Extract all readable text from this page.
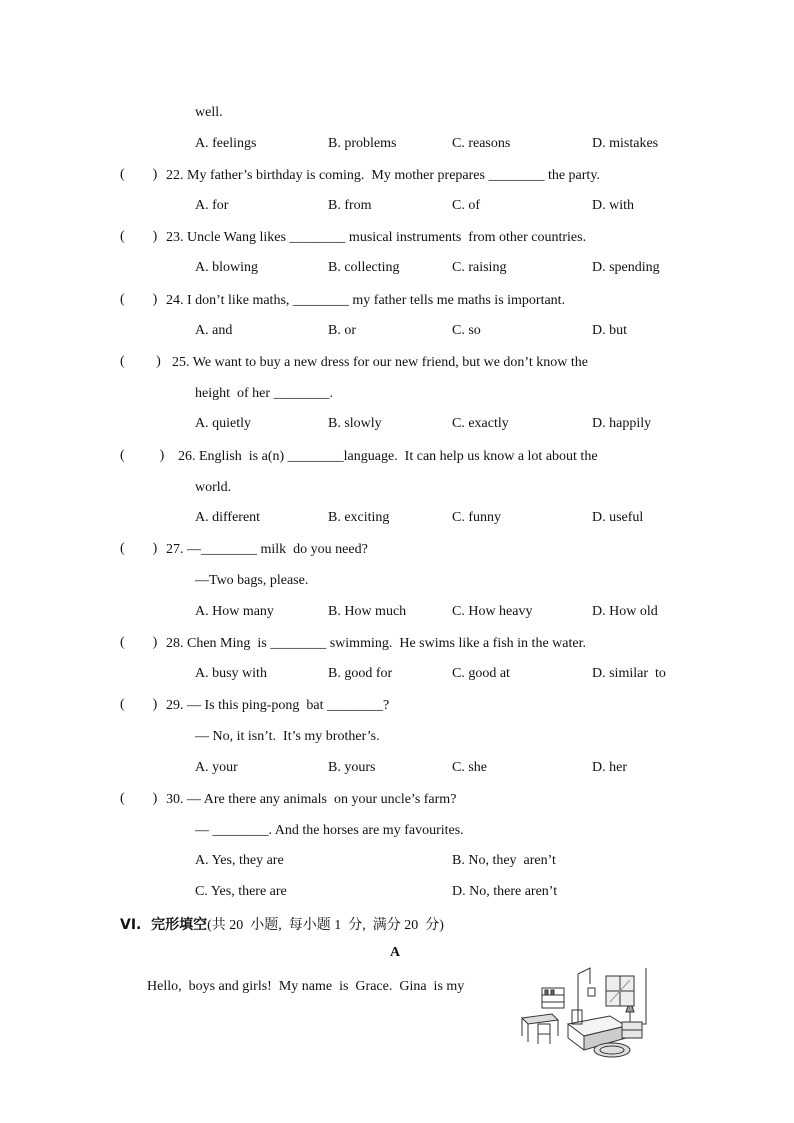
well.
A. feelings	B. problems	C. reasons	D. mistakes
(        ) 22. My father’s birthday is coming.  My mother prepares ________ the party.
A. for	B. from	C. of	D. with
(        ) 23. Uncle Wang likes ________ musical instruments  from other countries.
A. blowing	B. collecting	C. raising	D. spending
(        ) 24. I don’t like maths, ________ my father tells me maths is important.
A. and	B. or	C. so	D. but
(         ) 25. We want to buy a new dress for our new friend, but we don’t know the
height  of her ________.
A. quietly	B. slowly	C. exactly	D. happily
(          ) 26. English  is a(n) ________language.  It can help us know a lot about the
world.
A. different	B. exciting	C. funny	D. useful
(        ) 27. —________ milk  do you need?
—Two bags, please.
A. How many	B. How much	C. How heavy	D. How old
(        ) 28. Chen Ming  is ________ swimming.  He swims like a fish in the water.
A. busy with	B. good for	C. good at	D. similar  to
(        ) 29. — Is this ping-pong  bat ________?
— No, it isn’t.  It’s my brother’s.
A. your	B. yours	C. she	D. her
(        ) 30. — Are there any animals  on your uncle’s farm?
— ________. And the horses are my favourites.
A. Yes, they are	B. No, they  aren’t
C. Yes, there are	D. No, there aren’t
VI. 完形填空(共 20  小题,  每小题 1  分,  满分 20  分)
A
Hello,  boys and girls!  My name  is  Grace.  Gina  is my
